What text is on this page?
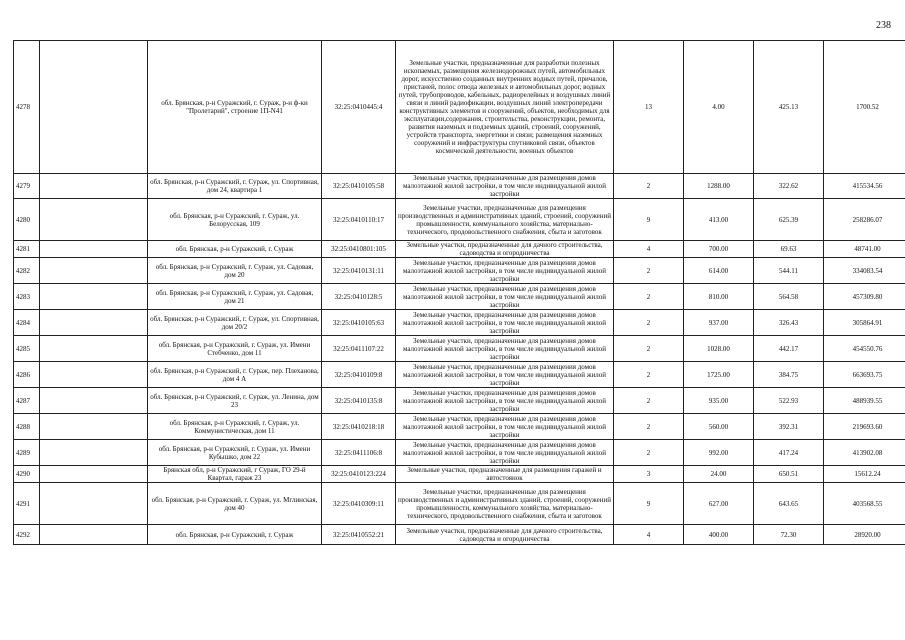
238
4278		обл. Брянская, р-н Суражский, г. Сураж, р-н ф-ки "Пролетарий", строение 1П-N41	32:25:0410445:4	Земельные участки, предназначенные для разработки полезных ископаемых, размещения железнодорожных путей, автомобильных дорог, искусственно созданных внутренних водных путей, причалов, пристаней, полос отвода железных и автомобильных дорог, водных путей, трубопроводов, кабельных, радиорелейных и воздушных линий связи и линий радиофикации, воздушных линий электропередачи конструктивных элементов и сооружений, объектов, необходимых для эксплуатации,содержания, строительства, реконструкции, ремонта, развития наземных и подземных зданий, строений, сооружений, устройств транспорта, энергетики и связи; размещения наземных сооружений и инфраструктуры спутниковой связи, объектов космической деятельности, военных объектов	13	4.00	425.13	1700.52
4279		обл. Брянская, р-н Суражский, г. Сураж, ул. Спортивная, дом 24, квартира 1	32:25:0410105:58	Земельные участки, предназначенные для размещения домов малоэтажной жилой застройки, в том числе индивидуальной жилой застройки	2	1288.00	322.62	415534.56
4280		обл. Брянская, р-н Суражский, г. Сураж, ул. Белорусская, 109	32:25:0410110:17	Земельные участки, предназначенные для размещения производственных и административных зданий, строений, сооружений промышленности, коммунального хозяйства, материально-технического, продовольственного снабжения, сбыта и заготовок	9	413.00	625.39	258286.07
4281		обл. Брянская, р-н Суражский, г. Сураж	32:25:0410801:105	Земельные участки, предназначенные для дачного строительства, садоводства и огородничества	4	700.00	69.63	48741.00
4282		обл. Брянская, р-н Суражский, г. Сураж, ул. Садовая, дом 20	32:25:0410131:11	Земельные участки, предназначенные для размещения домов малоэтажной жилой застройки, в том числе индивидуальной жилой застройки	2	614.00	544.11	334083.54
4283		обл. Брянская, р-н Суражский, г. Сураж, ул. Садовая, дом 21	32:25:0410128:5	Земельные участки, предназначенные для размещения домов малоэтажной жилой застройки, в том числе индивидуальной жилой застройки	2	810.00	564.58	457309.80
4284		обл. Брянская, р-н Суражский, г. Сураж, ул. Спортивная, дом 20/2	32:25:0410105:63	Земельные участки, предназначенные для размещения домов малоэтажной жилой застройки, в том числе индивидуальной жилой застройки	2	937.00	326.43	305864.91
4285		обл. Брянская, р-н Суражский, г. Сураж, ул. Имени Стебченко, дом 11	32:25:0411107:22	Земельные участки, предназначенные для размещения домов малоэтажной жилой застройки, в том числе индивидуальной жилой застройки	2	1028.00	442.17	454550.76
4286		обл. Брянская, р-н Суражский, г. Сураж, пер. Плеханова, дом 4 А	32:25:0410109:8	Земельные участки, предназначенные для размещения домов малоэтажной жилой застройки, в том числе индивидуальной жилой застройки	2	1725.00	384.75	663693.75
4287		обл. Брянская, р-н Суражский, г. Сураж, ул. Ленина, дом 23	32:25:0410135:8	Земельные участки, предназначенные для размещения домов малоэтажной жилой застройки, в том числе индивидуальной жилой застройки	2	935.00	522.93	488939.55
4288		обл. Брянская, р-н Суражский, г. Сураж, ул. Коммунистическая, дом 11	32:25:0410218:18	Земельные участки, предназначенные для размещения домов малоэтажной жилой застройки, в том числе индивидуальной жилой застройки	2	560.00	392.31	219693.60
4289		обл. Брянская, р-н Суражский, г. Сураж, ул. Имени Кубышко, дом 22	32:25:0411106:8	Земельные участки, предназначенные для размещения домов малоэтажной жилой застройки, в том числе индивидуальной жилой застройки	2	992.00	417.24	413902.08
4290		Брянская обл, р-н Суражский, г Сураж, ГО 29-й Квартал, гараж 23	32:25:0410123:224	Земельные участки, предназначенные для размещения гаражей и автостоянок	3	24.00	650.51	15612.24
4291		обл. Брянская, р-н Суражский, г. Сураж, ул. Мглинская, дом 40	32:25:0410309:11	Земельные участки, предназначенные для размещения производственных и административных зданий, строений, сооружений промышленности, коммунального хозяйства, материально-технического, продовольственного снабжения, сбыта и заготовок	9	627.00	643.65	403568.55
4292		обл. Брянская, р-н Суражский, г. Сураж	32:25:0410552:21	Земельные участки, предназначенные для дачного строительства, садоводства и огородничества	4	400.00	72.30	28920.00
